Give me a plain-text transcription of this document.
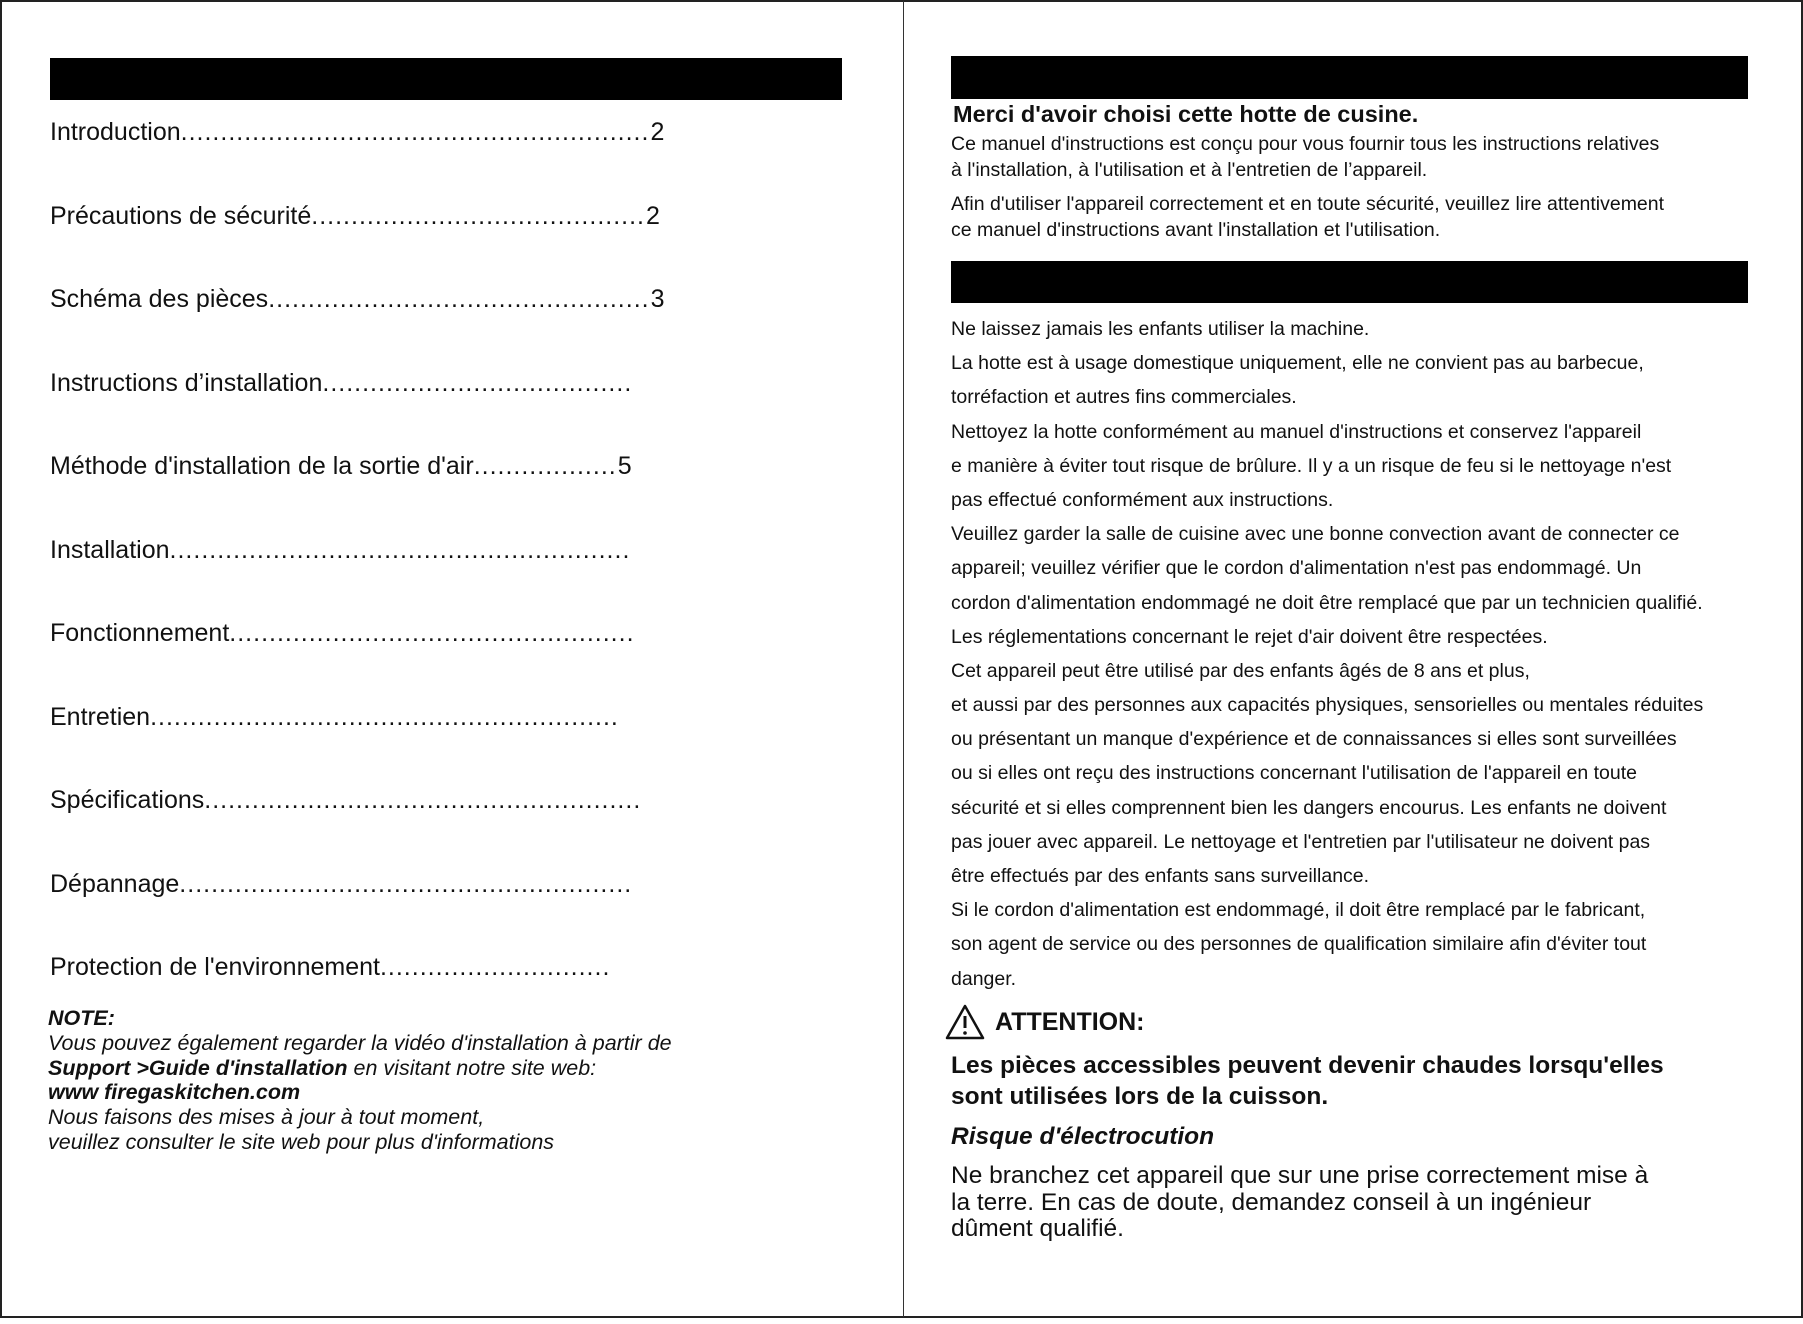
Introduction ........................................................... 2
Précautions de sécurité .......................................... 2
Schéma des pièces ................................................ 3
Instructions d’installation .......................................
Méthode d'installation de la sortie d'air .................. 5
Installation ..........................................................
Fonctionnement ...................................................
Entretien ...........................................................
Spécifications .......................................................
Dépannage .........................................................
Protection de l'environnement .............................
NOTE:
Vous pouvez également regarder la vidéo d'installation à partir de
Support >Guide d'installation en visitant notre site web:
www firegaskitchen.com
Nous faisons des mises à jour à tout moment,
veuillez consulter le site web pour plus d'informations
Merci d'avoir choisi cette hotte de cusine.
Ce manuel d'instructions est conçu pour vous fournir tous les instructions relatives
à l'installation, à l'utilisation et à l'entretien de l’appareil.
Afin d'utiliser l'appareil correctement et en toute sécurité, veuillez lire attentivement
ce manuel d'instructions avant l'installation et l'utilisation.
Ne laissez jamais les enfants utiliser la machine.
La hotte est à usage domestique uniquement, elle ne convient pas au barbecue,
torréfaction et autres fins commerciales.
Nettoyez la hotte conformément au manuel d'instructions et conservez l'appareil
e manière à éviter tout risque de brûlure. Il y a un risque de feu si le nettoyage n'est
pas effectué conformément aux instructions.
Veuillez garder la salle de cuisine avec une bonne convection avant de connecter ce
appareil; veuillez vérifier que le cordon d'alimentation n'est pas endommagé. Un
cordon d'alimentation endommagé ne doit être remplacé que par un technicien qualifié.
Les réglementations concernant le rejet d'air doivent être respectées.
Cet appareil peut être utilisé par des enfants âgés de 8 ans et plus,
et aussi par des personnes aux capacités physiques, sensorielles ou mentales réduites
ou présentant un manque d'expérience et de connaissances si elles sont surveillées
ou si elles ont reçu des instructions concernant l'utilisation de l'appareil en toute
sécurité et si elles comprennent bien les dangers encourus. Les enfants ne doivent
pas jouer avec appareil. Le nettoyage et l'entretien par l'utilisateur ne doivent pas
être effectués par des enfants sans surveillance.
Si le cordon d'alimentation est endommagé, il doit être remplacé par le fabricant,
son agent de service ou des personnes de qualification similaire afin d'éviter tout
danger.
ATTENTION:
Les pièces accessibles peuvent devenir chaudes lorsqu'elles
sont utilisées lors de la cuisson.
Risque d'électrocution
Ne branchez cet appareil que sur une prise correctement mise à
la terre. En cas de doute, demandez conseil à un ingénieur
dûment qualifié.
